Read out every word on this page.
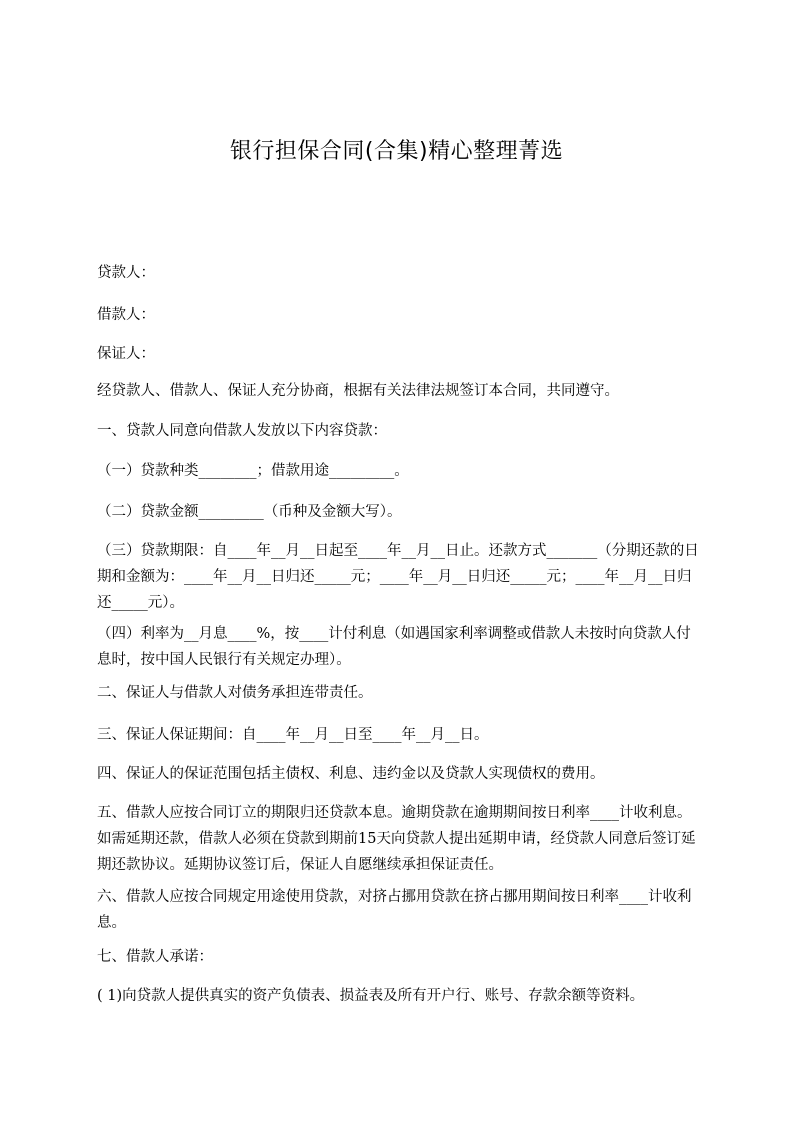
银行担保合同(合集)精心整理菁选
贷款人：
借款人：
保证人：
经贷款人、借款人、保证人充分协商，根据有关法律法规签订本合同，共同遵守。
一、贷款人同意向借款人发放以下内容贷款：
（一）贷款种类________；借款用途_________。
（二）贷款金额_________（币种及金额大写）。
（三）贷款期限：自____年__月__日起至____年__月__日止。还款方式_______（分期还款的日期和金额为：____年__月__日归还_____元；____年__月__日归还_____元；____年__月__日归还_____元）。
（四）利率为__月息____%，按____计付利息（如遇国家利率调整或借款人未按时向贷款人付息时，按中国人民银行有关规定办理）。
二、保证人与借款人对债务承担连带责任。
三、保证人保证期间：自____年__月__日至____年__月__日。
四、保证人的保证范围包括主债权、利息、违约金以及贷款人实现债权的费用。
五、借款人应按合同订立的期限归还贷款本息。逾期贷款在逾期期间按日利率____计收利息。如需延期还款，借款人必须在贷款到期前15天向贷款人提出延期申请，经贷款人同意后签订延期还款协议。延期协议签订后，保证人自愿继续承担保证责任。
六、借款人应按合同规定用途使用贷款，对挤占挪用贷款在挤占挪用期间按日利率____计收利息。
七、借款人承诺：
( 1)向贷款人提供真实的资产负债表、损益表及所有开户行、账号、存款余额等资料。
